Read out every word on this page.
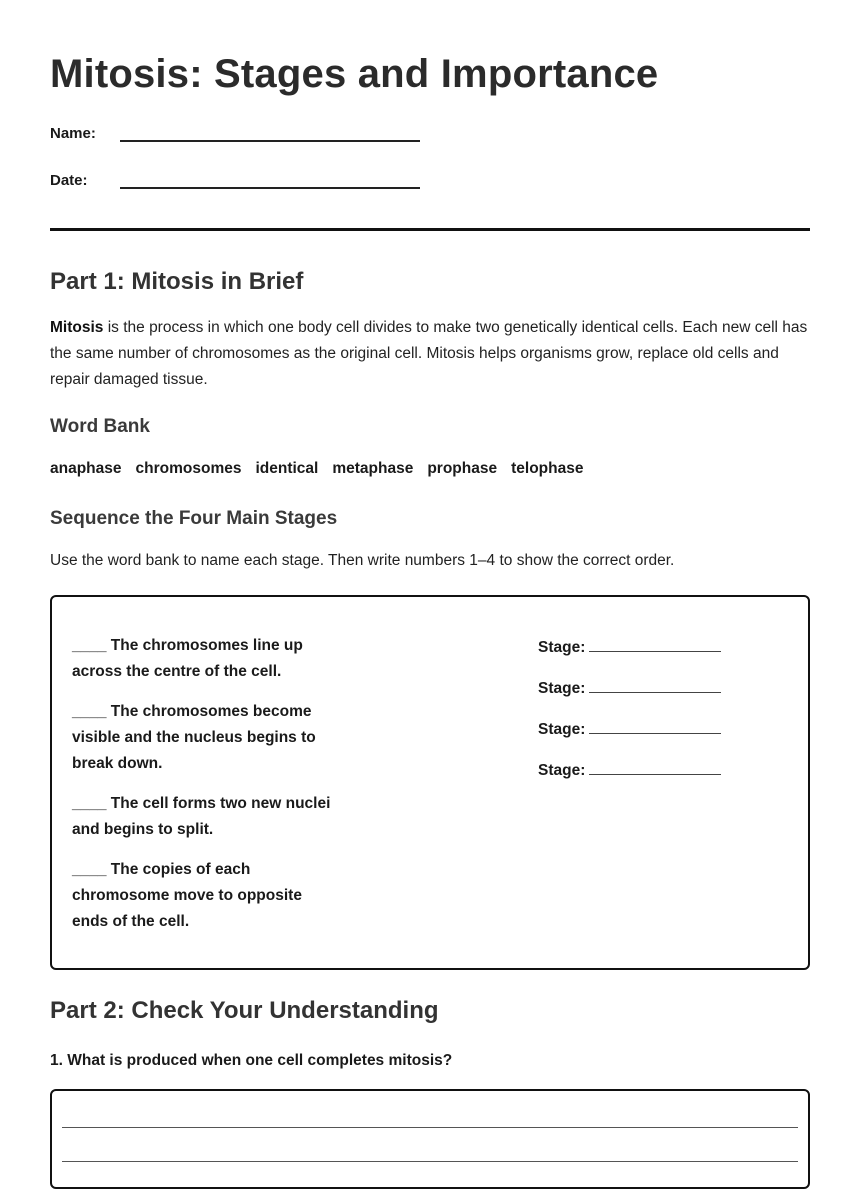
Mitosis: Stages and Importance
Name:
Date:
Part 1: Mitosis in Brief

Mitosis is the process in which one body cell divides to make two genetically identical cells. Each new cell has the same number of chromosomes as the original cell. Mitosis helps organisms grow, replace old cells and repair damaged tissue.

Word Bank
anaphase chromosomes identical metaphase prophase telophase
Sequence the Four Main Stages

Use the word bank to name each stage. Then write numbers 1–4 to show the correct order.

____ The chromosomes line up across the centre of the cell.

____ The chromosomes become visible and the nucleus begins to break down.

____ The cell forms two new nuclei and begins to split.

____ The copies of each chromosome move to opposite ends of the cell.

Stage:
Stage:
Stage:
Stage:
Part 2: Check Your Understanding

1. What is produced when one cell completes mitosis?
